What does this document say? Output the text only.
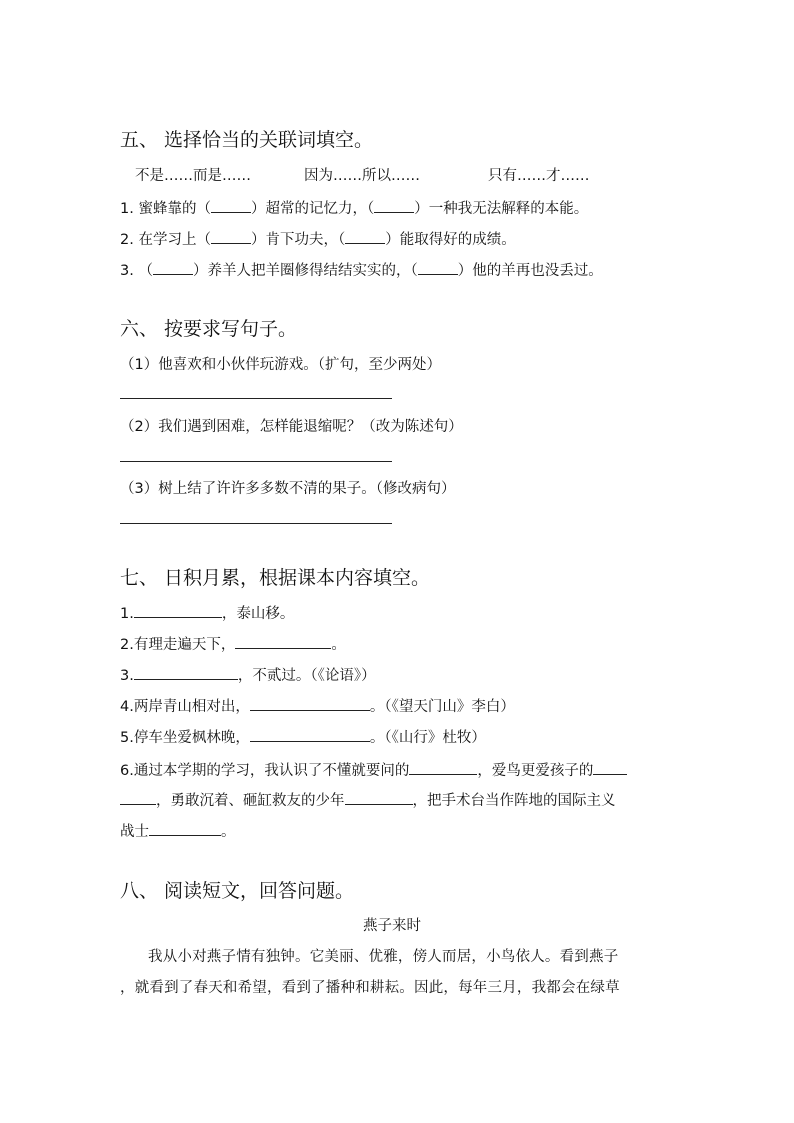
五、 选择恰当的关联词填空。
不是……而是……	因为……所以……	只有……才……
1. 蜜蜂靠的（	）超常的记忆力，（	）一种我无法解释的本能。
2. 在学习上（	）肯下功夫，（	）能取得好的成绩。
3. （	）养羊人把羊圈修得结结实实的，（	）他的羊再也没丢过。
六、 按要求写句子。
（1）他喜欢和小伙伴玩游戏。（扩句，至少两处）
（2）我们遇到困难，怎样能退缩呢？（改为陈述句）
（3）树上结了许许多多数不清的果子。（修改病句）
七、 日积月累，根据课本内容填空。
1.	，泰山移。
2.有理走遍天下，	。
3.	，不贰过。（《论语》）
4.两岸青山相对出，	。（《望天门山》李白）
5.停车坐爱枫林晚，	。（《山行》杜牧）
6.通过本学期的学习，我认识了不懂就要问的	，爱鸟更爱孩子的
，勇敢沉着、砸缸救友的少年	，把手术台当作阵地的国际主义
战士	。
八、 阅读短文，回答问题。
燕子来时
我从小对燕子情有独钟。它美丽、优雅，傍人而居，小鸟依人。看到燕子
，就看到了春天和希望，看到了播种和耕耘。因此，每年三月，我都会在绿草
